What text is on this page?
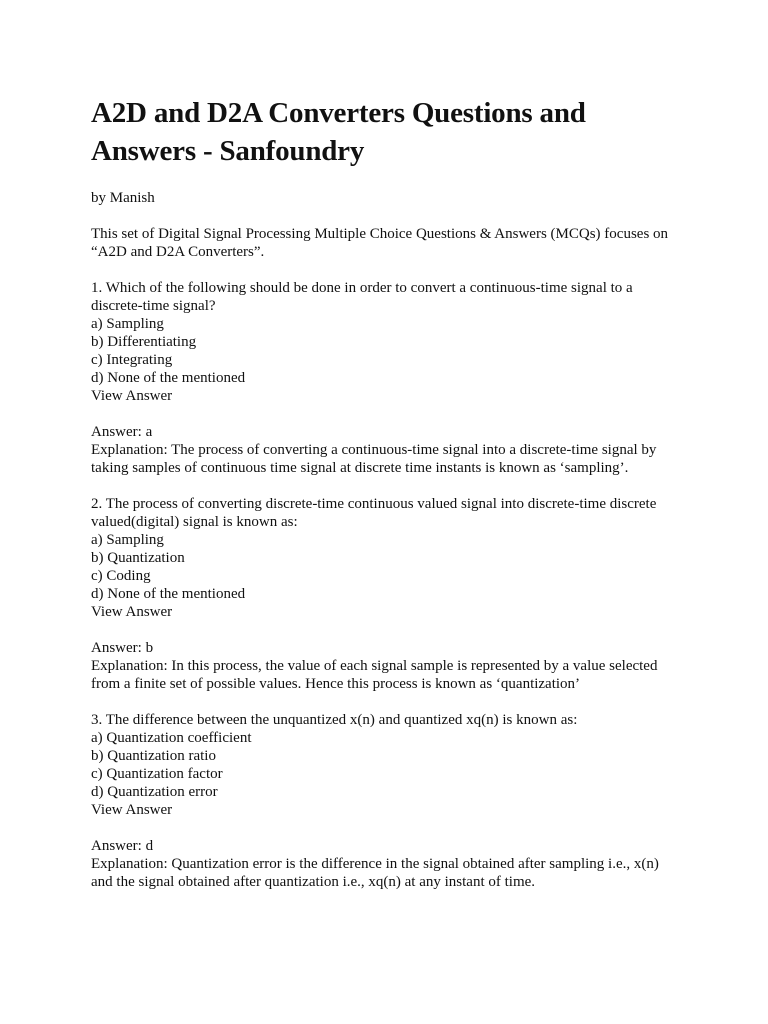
A2D and D2A Converters Questions and
Answers - Sanfoundry
by Manish
This set of Digital Signal Processing Multiple Choice Questions & Answers (MCQs) focuses on
“A2D and D2A Converters”.
1. Which of the following should be done in order to convert a continuous-time signal to a
discrete-time signal?
a) Sampling
b) Differentiating
c) Integrating
d) None of the mentioned
View Answer
Answer: a
Explanation: The process of converting a continuous-time signal into a discrete-time signal by
taking samples of continuous time signal at discrete time instants is known as ‘sampling’.
2. The process of converting discrete-time continuous valued signal into discrete-time discrete
valued(digital) signal is known as:
a) Sampling
b) Quantization
c) Coding
d) None of the mentioned
View Answer
Answer: b
Explanation: In this process, the value of each signal sample is represented by a value selected
from a finite set of possible values. Hence this process is known as ‘quantization’
3. The difference between the unquantized x(n) and quantized xq(n) is known as:
a) Quantization coefficient
b) Quantization ratio
c) Quantization factor
d) Quantization error
View Answer
Answer: d
Explanation: Quantization error is the difference in the signal obtained after sampling i.e., x(n)
and the signal obtained after quantization i.e., xq(n) at any instant of time.
